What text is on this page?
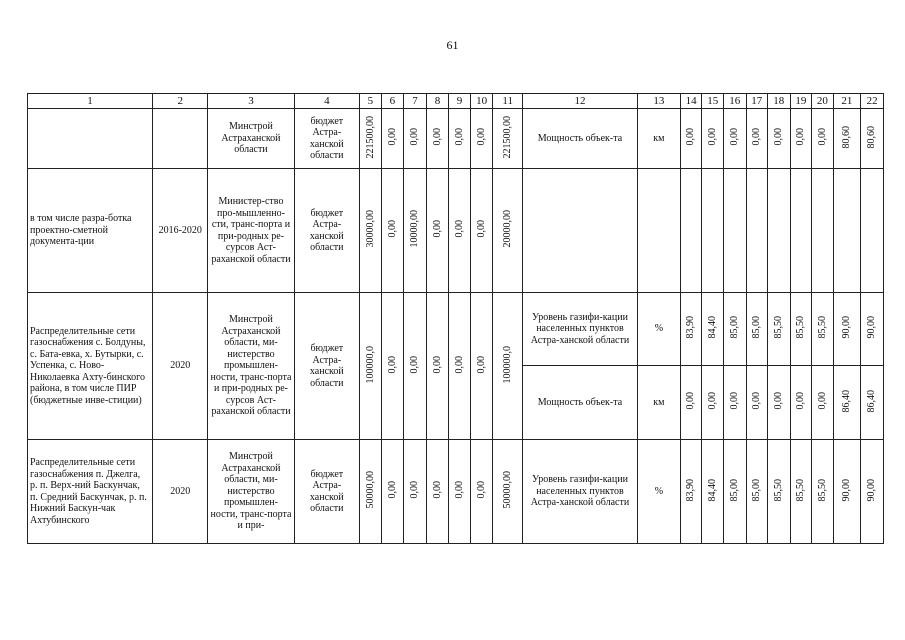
61
1	2	3	4	5	6	7	8	9	10	11	12	13	14	15	16	17	18	19	20	21	22
		Минстрой Астраханской области	бюджет Астра-ханской области	221500,00	0,00	0,00	0,00	0,00	0,00	221500,00	Мощность объек-та	км	0,00	0,00	0,00	0,00	0,00	0,00	0,00	80,60	80,60
в том числе разра-ботка проектно-сметной документа-ции	2016-2020	Министер-ство про-мышленно-сти, транс-порта и при-родных ре-сурсов Аст-раханской области	бюджет Астра-ханской области	30000,00	0,00	10000,00	0,00	0,00	0,00	20000,00											
Распределительные сети газоснабжения с. Болдуны, с. Бата-евка, х. Бутырки, с. Успенка, с. Ново-Николаевка Ахту-бинского района, в том числе ПИР (бюджетные инве-стиции)	2020	Минстрой Астраханской области, ми-нистерство промышлен-ности, транс-порта и при-родных ре-сурсов Аст-раханской области	бюджет Астра-ханской области	100000,0	0,00	0,00	0,00	0,00	0,00	100000,0	Уровень газифи-кации населенных пунктов Астра-ханской области	%	83,90	84,40	85,00	85,00	85,50	85,50	85,50	90,00	90,00
											Мощность объек-та	км	0,00	0,00	0,00	0,00	0,00	0,00	0,00	86,40	86,40
Распределительные сети газоснабжения п. Джелга, р. п. Верх-ний Баскунчак, п. Средний Баскунчак, р. п. Нижний Баскун-чак Ахтубинского	2020	Минстрой Астраханской области, ми-нистерство промышлен-ности, транс-порта и при-	бюджет Астра-ханской области	50000,00	0,00	0,00	0,00	0,00	0,00	50000,00	Уровень газифи-кации населенных пунктов Астра-ханской области	%	83,90	84,40	85,00	85,00	85,50	85,50	85,50	90,00	90,00
